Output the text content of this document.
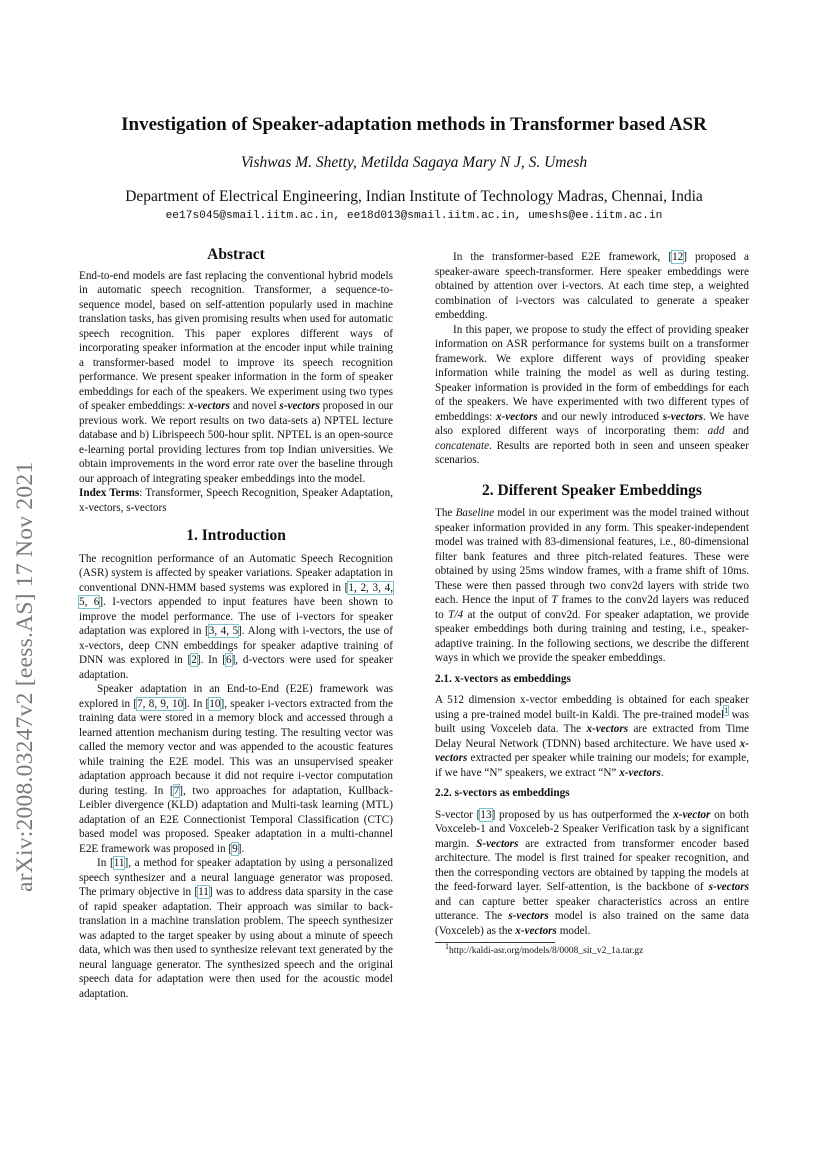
arXiv:2008.03247v2 [eess.AS] 17 Nov 2021
Investigation of Speaker-adaptation methods in Transformer based ASR
Vishwas M. Shetty, Metilda Sagaya Mary N J, S. Umesh
Department of Electrical Engineering, Indian Institute of Technology Madras, Chennai, India
ee17s045@smail.iitm.ac.in, ee18d013@smail.iitm.ac.in, umeshs@ee.iitm.ac.in
Abstract

End-to-end models are fast replacing the conventional hybrid models in automatic speech recognition. Transformer, a sequence-to-sequence model, based on self-attention popularly used in machine translation tasks, has given promising results when used for automatic speech recognition. This paper explores different ways of incorporating speaker information at the encoder input while training a transformer-based model to improve its speech recognition performance. We present speaker information in the form of speaker embeddings for each of the speakers. We experiment using two types of speaker embeddings: x-vectors and novel s-vectors proposed in our previous work. We report results on two data-sets a) NPTEL lecture database and b) Librispeech 500-hour split. NPTEL is an open-source e-learning portal providing lectures from top Indian universities. We obtain improvements in the word error rate over the baseline through our approach of integrating speaker embeddings into the model.

Index Terms: Transformer, Speech Recognition, Speaker Adaptation, x-vectors, s-vectors

1. Introduction

The recognition performance of an Automatic Speech Recognition (ASR) system is affected by speaker variations. Speaker adaptation in conventional DNN-HMM based systems was explored in [1, 2, 3, 4, 5, 6]. I-vectors appended to input features have been shown to improve the model performance. The use of i-vectors for speaker adaptation was explored in [3, 4, 5]. Along with i-vectors, the use of x-vectors, deep CNN embeddings for speaker adaptive training of DNN was explored in [2]. In [6], d-vectors were used for speaker adaptation.

Speaker adaptation in an End-to-End (E2E) framework was explored in [7, 8, 9, 10]. In [10], speaker i-vectors extracted from the training data were stored in a memory block and accessed through a learned attention mechanism during testing. The resulting vector was called the memory vector and was appended to the acoustic features while training the E2E model. This was an unsupervised speaker adaptation approach because it did not require i-vector computation during testing. In [7], two approaches for adaptation, Kullback-Leibler divergence (KLD) adaptation and Multi-task learning (MTL) adaptation of an E2E Connectionist Temporal Classification (CTC) based model was proposed. Speaker adaptation in a multi-channel E2E framework was proposed in [9].

In [11], a method for speaker adaptation by using a personalized speech synthesizer and a neural language generator was proposed. The primary objective in [11] was to address data sparsity in the case of rapid speaker adaptation. Their approach was similar to back-translation in a machine translation problem. The speech synthesizer was adapted to the target speaker by using about a minute of speech data, which was then used to synthesize relevant text generated by the neural language generator. The synthesized speech and the original speech data for adaptation were then used for the acoustic model adaptation.

In the transformer-based E2E framework, [12] proposed a speaker-aware speech-transformer. Here speaker embeddings were obtained by attention over i-vectors. At each time step, a weighted combination of i-vectors was calculated to generate a speaker embedding.

In this paper, we propose to study the effect of providing speaker information on ASR performance for systems built on a transformer framework. We explore different ways of providing speaker information while training the model as well as during testing. Speaker information is provided in the form of embeddings for each of the speakers. We have experimented with two different types of embeddings: x-vectors and our newly introduced s-vectors. We have also explored different ways of incorporating them: add and concatenate. Results are reported both in seen and unseen speaker scenarios.

2. Different Speaker Embeddings

The Baseline model in our experiment was the model trained without speaker information provided in any form. This speaker-independent model was trained with 83-dimensional features, i.e., 80-dimensional filter bank features and three pitch-related features. These were obtained by using 25ms window frames, with a frame shift of 10ms. These were then passed through two conv2d layers with stride two each. Hence the input of T frames to the conv2d layers was reduced to T/4 at the output of conv2d. For speaker adaptation, we provide speaker embeddings both during training and testing, i.e., speaker-adaptive training. In the following sections, we describe the different ways in which we provide the speaker embeddings.

2.1. x-vectors as embeddings

A 512 dimension x-vector embedding is obtained for each speaker using a pre-trained model built-in Kaldi. The pre-trained model$^1$ was built using Voxceleb data. The x-vectors are extracted from Time Delay Neural Network (TDNN) based architecture. We have used x-vectors extracted per speaker while training our models; for example, if we have “N” speakers, we extract “N” x-vectors.

2.2. s-vectors as embeddings

S-vector [13] proposed by us has outperformed the x-vector on both Voxceleb-1 and Voxceleb-2 Speaker Verification task by a significant margin. S-vectors are extracted from transformer encoder based architecture. The model is first trained for speaker recognition, and then the corresponding vectors are obtained by tapping the models at the feed-forward layer. Self-attention, is the backbone of s-vectors and can capture better speaker characteristics across an entire utterance. The s-vectors model is also trained on the same data (Voxceleb) as the x-vectors model.

$^1$http://kaldi-asr.org/models/8/0008_sit_v2_1a.tar.gz
